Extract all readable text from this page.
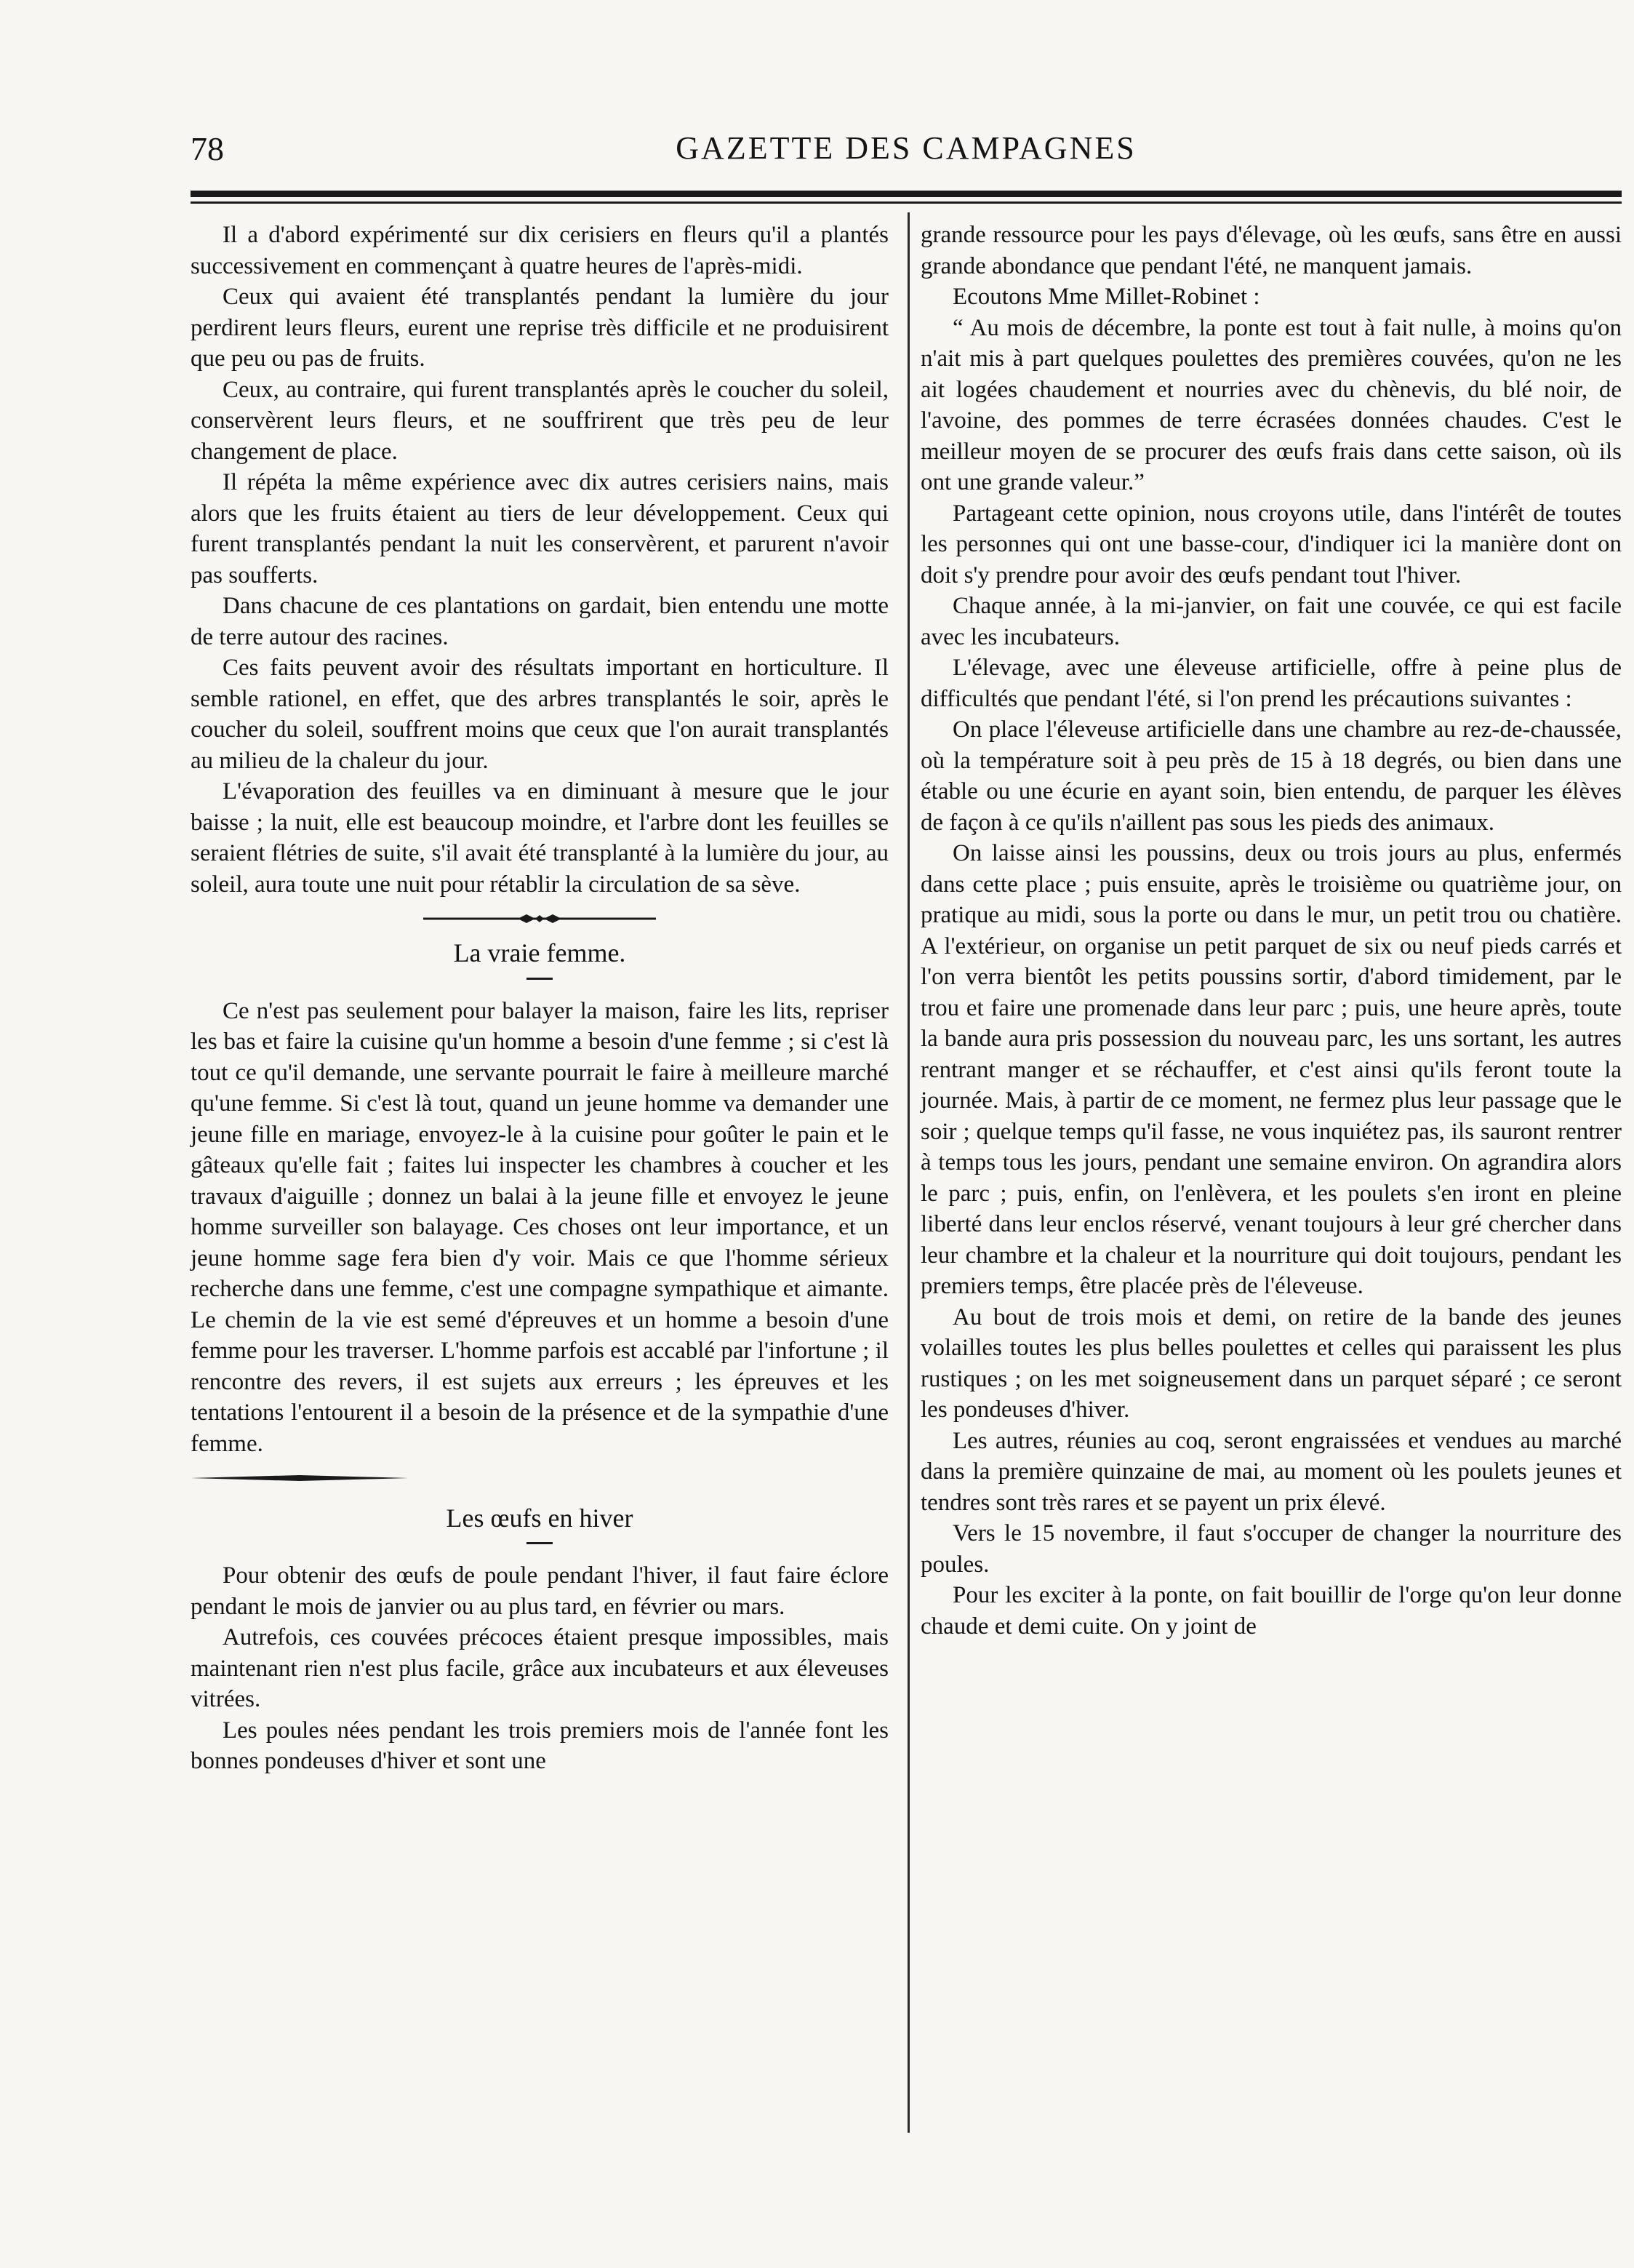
78	GAZETTE DES CAMPAGNES

Il a d'abord expérimenté sur dix cerisiers en fleurs qu'il a plantés successivement en commençant à quatre heures de l'après-midi.

Ceux qui avaient été transplantés pendant la lumière du jour perdirent leurs fleurs, eurent une reprise très difficile et ne produisirent que peu ou pas de fruits.

Ceux, au contraire, qui furent transplantés après le coucher du soleil, conservèrent leurs fleurs, et ne souffrirent que très peu de leur changement de place.

Il répéta la même expérience avec dix autres cerisiers nains, mais alors que les fruits étaient au tiers de leur développement. Ceux qui furent transplantés pendant la nuit les conservèrent, et parurent n'avoir pas soufferts.

Dans chacune de ces plantations on gardait, bien entendu une motte de terre autour des racines.

Ces faits peuvent avoir des résultats important en horticulture. Il semble rationel, en effet, que des arbres transplantés le soir, après le coucher du soleil, souffrent moins que ceux que l'on aurait transplantés au milieu de la chaleur du jour.

L'évaporation des feuilles va en diminuant à mesure que le jour baisse ; la nuit, elle est beaucoup moindre, et l'arbre dont les feuilles se seraient flétries de suite, s'il avait été transplanté à la lumière du jour, au soleil, aura toute une nuit pour rétablir la circulation de sa sève.

La vraie femme.

Ce n'est pas seulement pour balayer la maison, faire les lits, repriser les bas et faire la cuisine qu'un homme a besoin d'une femme ; si c'est là tout ce qu'il demande, une servante pourrait le faire à meilleure marché qu'une femme. Si c'est là tout, quand un jeune homme va demander une jeune fille en mariage, envoyez-le à la cuisine pour goûter le pain et le gâteaux qu'elle fait ; faites lui inspecter les chambres à coucher et les travaux d'aiguille ; donnez un balai à la jeune fille et envoyez le jeune homme surveiller son balayage. Ces choses ont leur importance, et un jeune homme sage fera bien d'y voir. Mais ce que l'homme sérieux recherche dans une femme, c'est une compagne sympathique et aimante. Le chemin de la vie est semé d'épreuves et un homme a besoin d'une femme pour les traverser. L'homme parfois est accablé par l'infortune ; il rencontre des revers, il est sujets aux erreurs ; les épreuves et les tentations l'entourent il a besoin de la présence et de la sympathie d'une femme.

Les œufs en hiver

Pour obtenir des œufs de poule pendant l'hiver, il faut faire éclore pendant le mois de janvier ou au plus tard, en février ou mars.

Autrefois, ces couvées précoces étaient presque impossibles, mais maintenant rien n'est plus facile, grâce aux incubateurs et aux éleveuses vitrées.

Les poules nées pendant les trois premiers mois de l'année font les bonnes pondeuses d'hiver et sont une

grande ressource pour les pays d'élevage, où les œufs, sans être en aussi grande abondance que pendant l'été, ne manquent jamais.

Ecoutons Mme Millet-Robinet :

“ Au mois de décembre, la ponte est tout à fait nulle, à moins qu'on n'ait mis à part quelques poulettes des premières couvées, qu'on ne les ait logées chaudement et nourries avec du chènevis, du blé noir, de l'avoine, des pommes de terre écrasées données chaudes. C'est le meilleur moyen de se procurer des œufs frais dans cette saison, où ils ont une grande valeur.”

Partageant cette opinion, nous croyons utile, dans l'intérêt de toutes les personnes qui ont une basse-cour, d'indiquer ici la manière dont on doit s'y prendre pour avoir des œufs pendant tout l'hiver.

Chaque année, à la mi-janvier, on fait une couvée, ce qui est facile avec les incubateurs.

L'élevage, avec une éleveuse artificielle, offre à peine plus de difficultés que pendant l'été, si l'on prend les précautions suivantes :

On place l'éleveuse artificielle dans une chambre au rez-de-chaussée, où la température soit à peu près de 15 à 18 degrés, ou bien dans une étable ou une écurie en ayant soin, bien entendu, de parquer les élèves de façon à ce qu'ils n'aillent pas sous les pieds des animaux.

On laisse ainsi les poussins, deux ou trois jours au plus, enfermés dans cette place ; puis ensuite, après le troisième ou quatrième jour, on pratique au midi, sous la porte ou dans le mur, un petit trou ou chatière. A l'extérieur, on organise un petit parquet de six ou neuf pieds carrés et l'on verra bientôt les petits poussins sortir, d'abord timidement, par le trou et faire une promenade dans leur parc ; puis, une heure après, toute la bande aura pris possession du nouveau parc, les uns sortant, les autres rentrant manger et se réchauffer, et c'est ainsi qu'ils feront toute la journée. Mais, à partir de ce moment, ne fermez plus leur passage que le soir ; quelque temps qu'il fasse, ne vous inquiétez pas, ils sauront rentrer à temps tous les jours, pendant une semaine environ. On agrandira alors le parc ; puis, enfin, on l'enlèvera, et les poulets s'en iront en pleine liberté dans leur enclos réservé, venant toujours à leur gré chercher dans leur chambre et la chaleur et la nourriture qui doit toujours, pendant les premiers temps, être placée près de l'éleveuse.

Au bout de trois mois et demi, on retire de la bande des jeunes volailles toutes les plus belles poulettes et celles qui paraissent les plus rustiques ; on les met soigneusement dans un parquet séparé ; ce seront les pondeuses d'hiver.

Les autres, réunies au coq, seront engraissées et vendues au marché dans la première quinzaine de mai, au moment où les poulets jeunes et tendres sont très rares et se payent un prix élevé.

Vers le 15 novembre, il faut s'occuper de changer la nourriture des poules.

Pour les exciter à la ponte, on fait bouillir de l'orge qu'on leur donne chaude et demi cuite. On y joint de
